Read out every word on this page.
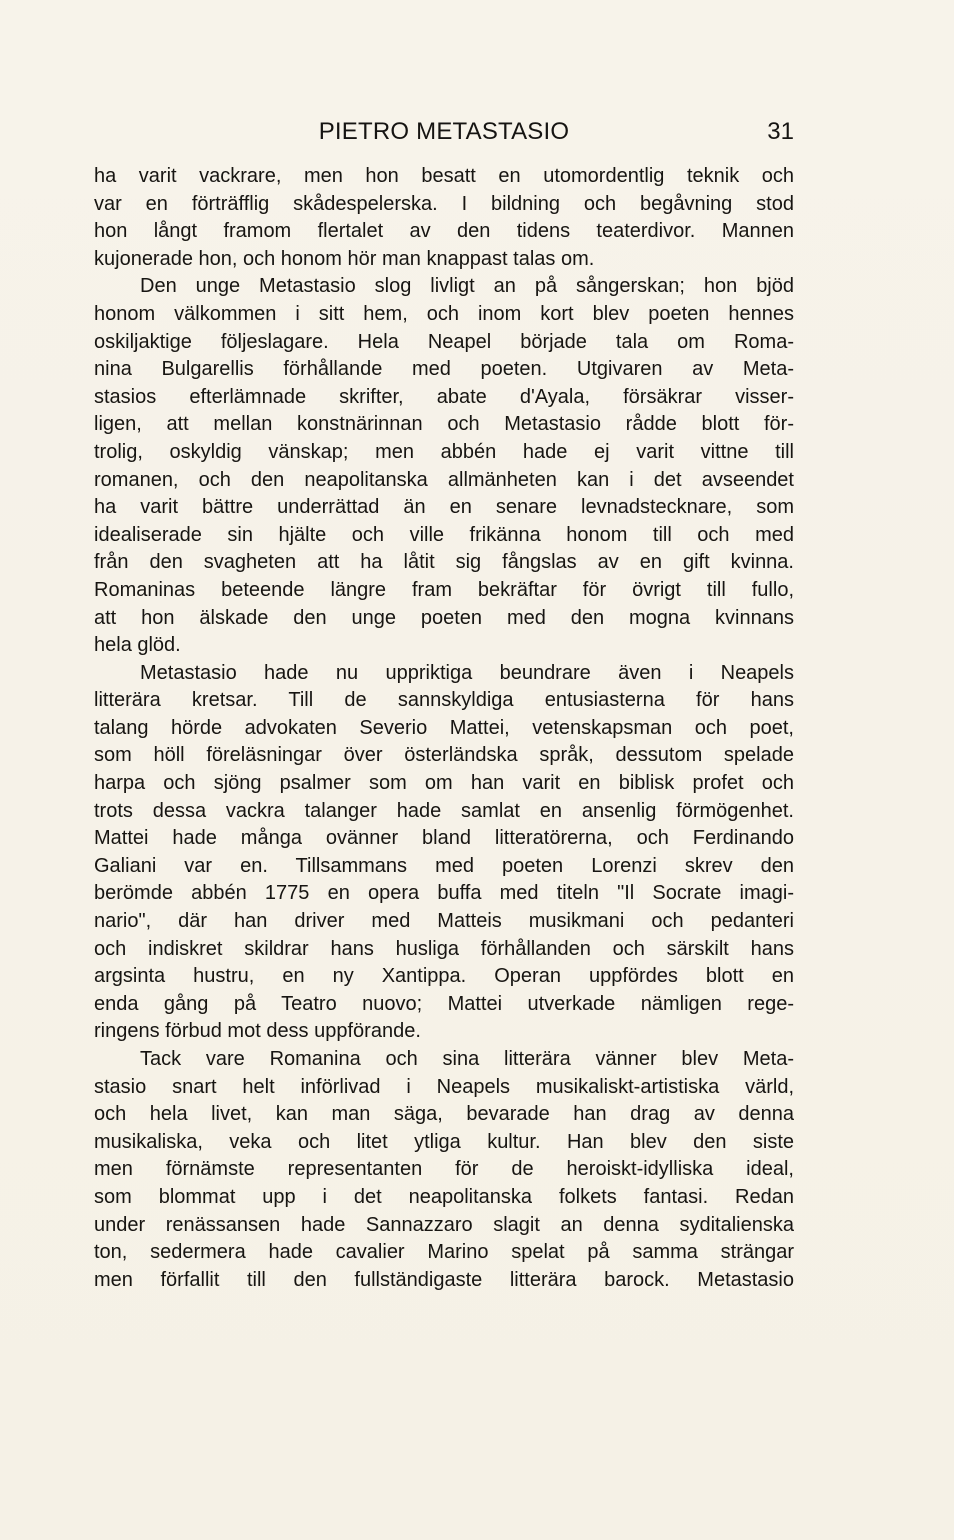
PIETRO METASTASIO	31
ha varit vackrare, men hon besatt en utomordentlig teknik och
var en förträfflig skådespelerska. I bildning och begåvning stod
hon långt framom flertalet av den tidens teaterdivor. Mannen
kujonerade hon, och honom hör man knappast talas om.
Den unge Metastasio slog livligt an på sångerskan; hon bjöd
honom välkommen i sitt hem, och inom kort blev poeten hennes
oskiljaktige följeslagare. Hela Neapel började tala om Roma-
nina Bulgarellis förhållande med poeten. Utgivaren av Meta-
stasios efterlämnade skrifter, abate d'Ayala, försäkrar visser-
ligen, att mellan konstnärinnan och Metastasio rådde blott för-
trolig, oskyldig vänskap; men abbén hade ej varit vittne till
romanen, och den neapolitanska allmänheten kan i det avseendet
ha varit bättre underrättad än en senare levnadstecknare, som
idealiserade sin hjälte och ville frikänna honom till och med
från den svagheten att ha låtit sig fångslas av en gift kvinna.
Romaninas beteende längre fram bekräftar för övrigt till fullo,
att hon älskade den unge poeten med den mogna kvinnans
hela glöd.
Metastasio hade nu uppriktiga beundrare även i Neapels
litterära kretsar. Till de sannskyldiga entusiasterna för hans
talang hörde advokaten Severio Mattei, vetenskapsman och poet,
som höll föreläsningar över österländska språk, dessutom spelade
harpa och sjöng psalmer som om han varit en biblisk profet och
trots dessa vackra talanger hade samlat en ansenlig förmögenhet.
Mattei hade många ovänner bland litteratörerna, och Ferdinando
Galiani var en. Tillsammans med poeten Lorenzi skrev den
berömde abbén 1775 en opera buffa med titeln "Il Socrate imagi-
nario", där han driver med Matteis musikmani och pedanteri
och indiskret skildrar hans husliga förhållanden och särskilt hans
argsinta hustru, en ny Xantippa. Operan uppfördes blott en
enda gång på Teatro nuovo; Mattei utverkade nämligen rege-
ringens förbud mot dess uppförande.
Tack vare Romanina och sina litterära vänner blev Meta-
stasio snart helt införlivad i Neapels musikaliskt-artistiska värld,
och hela livet, kan man säga, bevarade han drag av denna
musikaliska, veka och litet ytliga kultur. Han blev den siste
men förnämste representanten för de heroiskt-idylliska ideal,
som blommat upp i det neapolitanska folkets fantasi. Redan
under renässansen hade Sannazzaro slagit an denna syditalienska
ton, sedermera hade cavalier Marino spelat på samma strängar
men förfallit till den fullständigaste litterära barock. Metastasio
